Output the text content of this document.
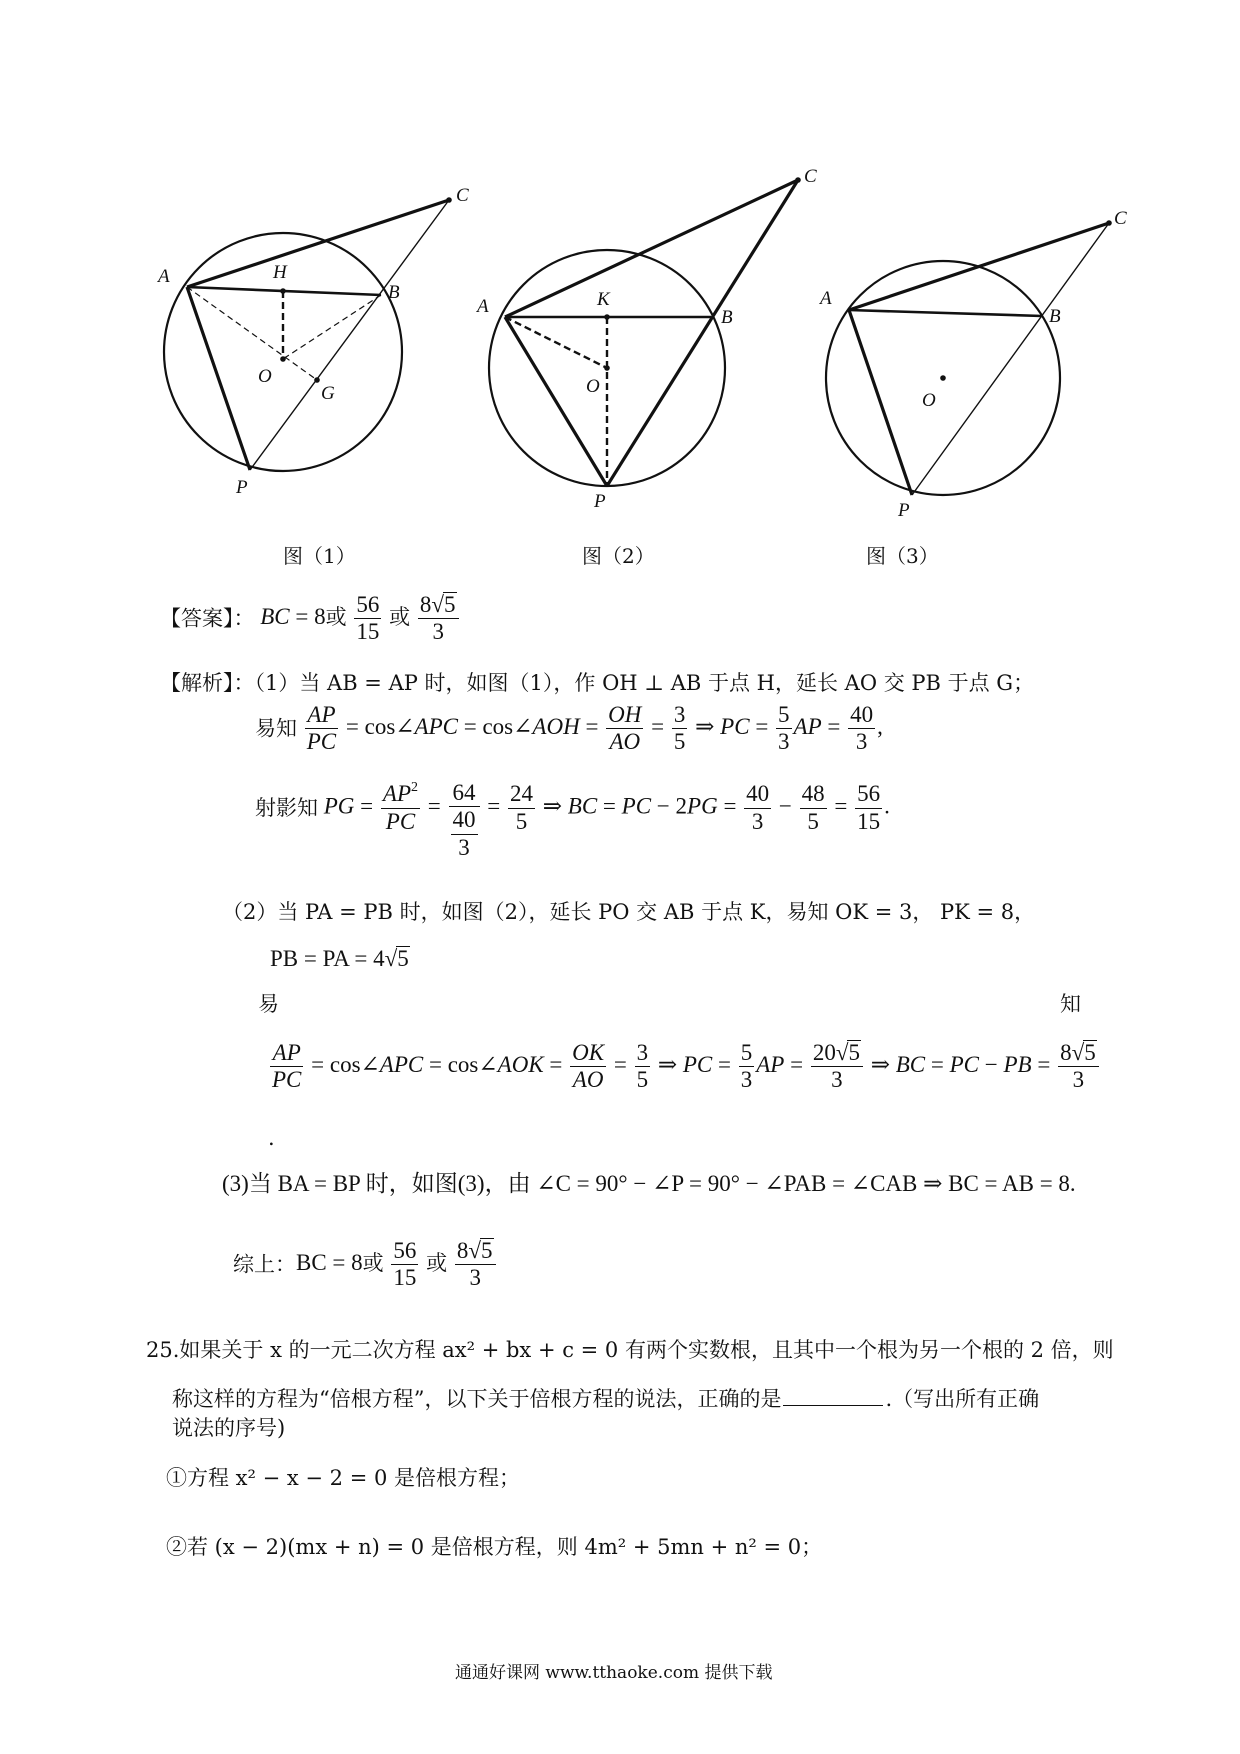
A	H
B
C
O
G
P
图（1）
A	K
B
C
O
P
图（2）
A
B
C
O
P
图（3）
【答案】： BC = 8或 $\frac{56}{15}$ 或 $\frac{8√5}{3}$
【解析】：（1）当 AB = AP 时，如图（1），作 OH ⊥ AB 于点 H，延长 AO 交 PB 于点 G；
易知 $\frac{AP}{PC}$ = cos∠APC = cos∠AOH = $\frac{OH}{AO} = \frac{3}{5}$ ⇒ PC = $\frac{5}{3}$ AP = $\frac{40}{3}$ ,
射影知 PG = $\frac{AP^2}{PC} = \frac{64}{\frac{40}{3}} = \frac{24}{5}$ ⇒ BC = PC − $2PG = \frac{40}{3} - \frac{48}{5} = \frac{56}{15}$ .
（2）当 PA = PB 时，如图（2），延长 PO 交 AB 于点 K，易知 OK = 3， PK = 8，
PB = PA = 4√5
易	知
$\frac{AP}{PC}$ = cos∠APC = cos∠AOK = $\frac{OK}{AO} = \frac{3}{5}$ ⇒ PC = $\frac{5}{3}$ AP = $\frac{20√5}{3}$ ⇒ BC = PC − PB = $\frac{8√5}{3}$
.
(3)当 BA = BP 时，如图(3)，由 ∠C = 90° − ∠P = 90° − ∠PAB = ∠CAB ⇒ BC = AB = 8.
综上：BC = 8或 $\frac{56}{15}$ 或 $\frac{8√5}{3}$
25.如果关于 x 的一元二次方程 ax² + bx + c = 0 有两个实数根，且其中一个根为另一个根的 2 倍，则
称这样的方程为“倍根方程”，以下关于倍根方程的说法，正确的是	.（写出所有正确
说法的序号)
①方程 x² − x − 2 = 0 是倍根方程；
②若 (x − 2)(mx + n) = 0 是倍根方程，则 4m² + 5mn + n² = 0；
通通好课网 www.tthaoke.com 提供下载
